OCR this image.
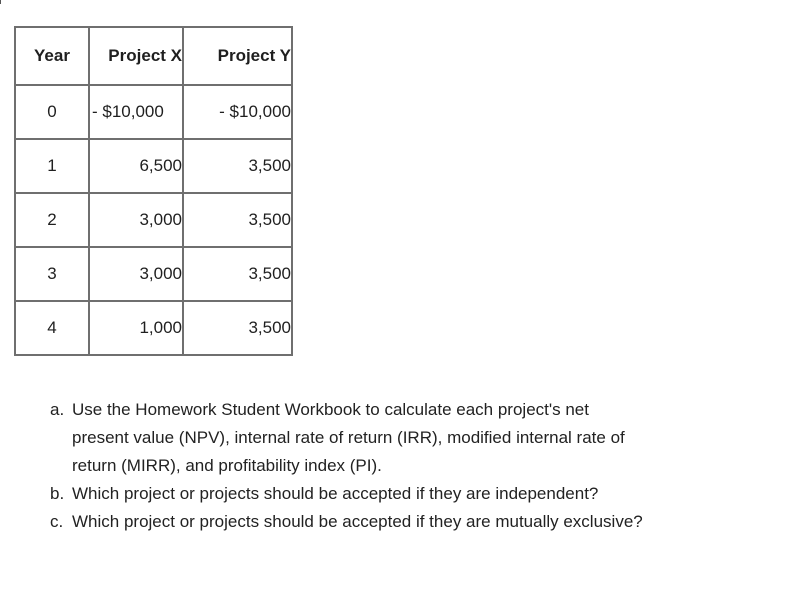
Year	Project X	Project Y
0	- $10,000	- $10,000
1	6,500	3,500
2	3,000	3,500
3	3,000	3,500
4	1,000	3,500
a. Use the Homework Student Workbook to calculate each project's net present value (NPV), internal rate of return (IRR), modified internal rate of return (MIRR), and profitability index (PI).
b. Which project or projects should be accepted if they are independent?
c. Which project or projects should be accepted if they are mutually exclusive?
